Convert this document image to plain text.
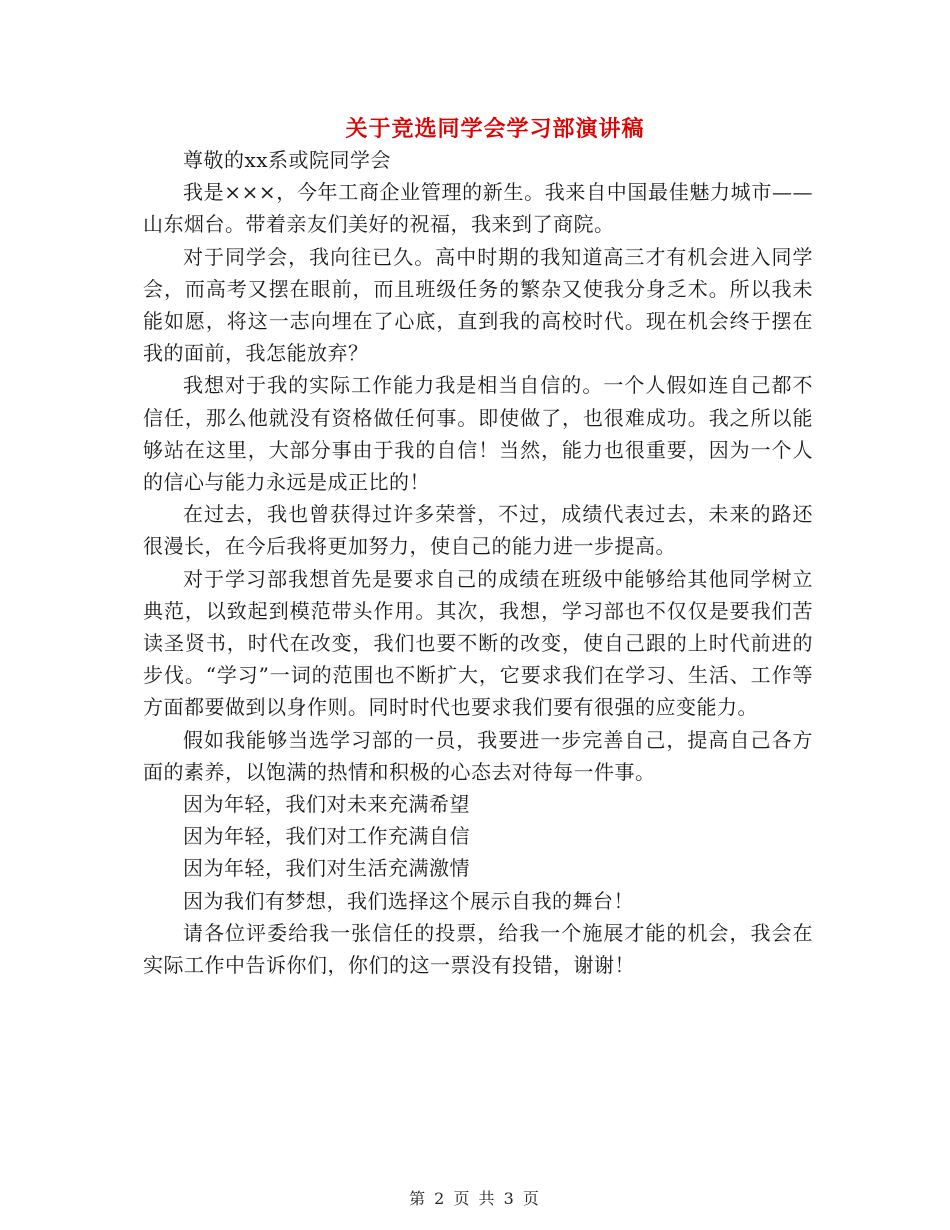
关于竞选同学会学习部演讲稿

尊敬的xx系或院同学会

我是×××，今年工商企业管理的新生。我来自中国最佳魅力城市——山东烟台。带着亲友们美好的祝福，我来到了商院。

对于同学会，我向往已久。高中时期的我知道高三才有机会进入同学会，而高考又摆在眼前，而且班级任务的繁杂又使我分身乏术。所以我未能如愿，将这一志向埋在了心底，直到我的高校时代。现在机会终于摆在我的面前，我怎能放弃？

我想对于我的实际工作能力我是相当自信的。一个人假如连自己都不信任，那么他就没有资格做任何事。即使做了，也很难成功。我之所以能够站在这里，大部分事由于我的自信！当然，能力也很重要，因为一个人的信心与能力永远是成正比的！

在过去，我也曾获得过许多荣誉，不过，成绩代表过去，未来的路还很漫长，在今后我将更加努力，使自己的能力进一步提高。

对于学习部我想首先是要求自己的成绩在班级中能够给其他同学树立典范，以致起到模范带头作用。其次，我想，学习部也不仅仅是要我们苦读圣贤书，时代在改变，我们也要不断的改变，使自己跟的上时代前进的步伐。“学习”一词的范围也不断扩大，它要求我们在学习、生活、工作等方面都要做到以身作则。同时时代也要求我们要有很强的应变能力。

假如我能够当选学习部的一员，我要进一步完善自己，提高自己各方面的素养，以饱满的热情和积极的心态去对待每一件事。

因为年轻，我们对未来充满希望

因为年轻，我们对工作充满自信

因为年轻，我们对生活充满激情

因为我们有梦想，我们选择这个展示自我的舞台！

请各位评委给我一张信任的投票，给我一个施展才能的机会，我会在实际工作中告诉你们，你们的这一票没有投错，谢谢！

第 2 页 共 3 页
